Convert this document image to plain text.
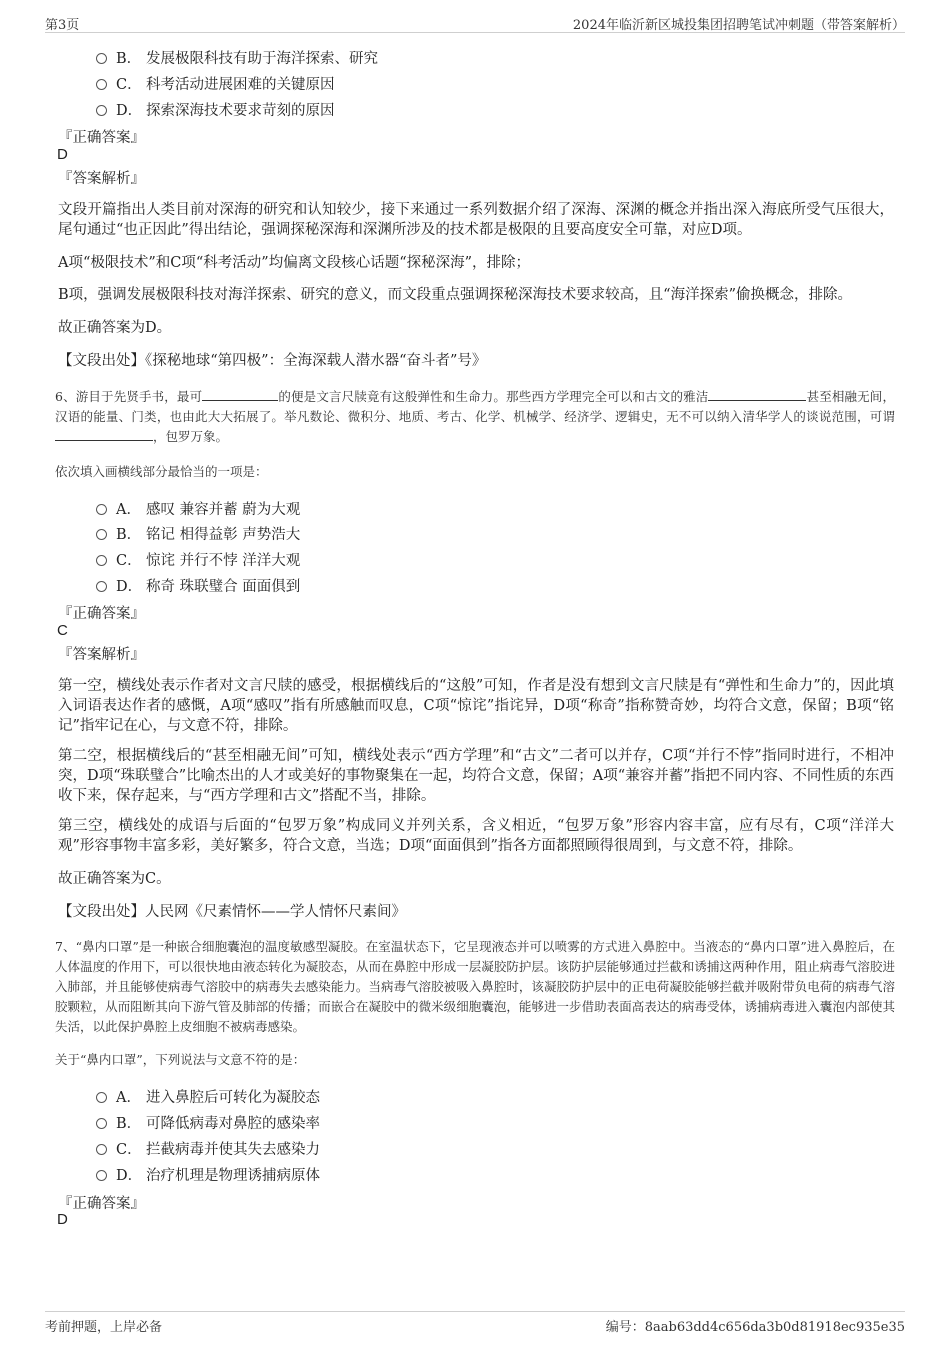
第3页	2024年临沂新区城投集团招聘笔试冲刺题（带答案解析）
B． 发展极限科技有助于海洋探索、研究
C． 科考活动进展困难的关键原因
D． 探索深海技术要求苛刻的原因
『正确答案』
D
『答案解析』
文段开篇指出人类目前对深海的研究和认知较少，接下来通过一系列数据介绍了深海、深渊的概念并指出深入海底所受气压很大，尾句通过“也正因此”得出结论，强调探秘深海和深渊所涉及的技术都是极限的且要高度安全可靠，对应D项。
A项“极限技术”和C项“科考活动”均偏离文段核心话题“探秘深海”，排除；
B项，强调发展极限科技对海洋探索、研究的意义，而文段重点强调探秘深海技术要求较高，且“海洋探索”偷换概念，排除。
故正确答案为D。
【文段出处】《探秘地球“第四极”：全海深载人潜水器“奋斗者”号》
6、游目于先贤手书，最可	的便是文言尺牍竟有这般弹性和生命力。那些西方学理完全可以和古文的雅洁	甚至相融无间，汉语的能量、门类，也由此大大拓展了。举凡数论、微积分、地质、考古、化学、机械学、经济学、逻辑史，无不可以纳入清华学人的谈说范围，可谓，包罗万象。
依次填入画横线部分最恰当的一项是：
A． 感叹 兼容并蓄 蔚为大观
B． 铭记 相得益彰 声势浩大
C． 惊诧 并行不悖 洋洋大观
D． 称奇 珠联璧合 面面俱到
『正确答案』
C
『答案解析』
第一空，横线处表示作者对文言尺牍的感受，根据横线后的“这般”可知，作者是没有想到文言尺牍是有“弹性和生命力”的，因此填入词语表达作者的感慨，A项“感叹”指有所感触而叹息，C项“惊诧”指诧异，D项“称奇”指称赞奇妙，均符合文意，保留；B项“铭记”指牢记在心，与文意不符，排除。
第二空，根据横线后的“甚至相融无间”可知，横线处表示“西方学理”和“古文”二者可以并存，C项“并行不悖”指同时进行，不相冲突，D项“珠联璧合”比喻杰出的人才或美好的事物聚集在一起，均符合文意，保留；A项“兼容并蓄”指把不同内容、不同性质的东西收下来，保存起来，与“西方学理和古文”搭配不当，排除。
第三空，横线处的成语与后面的“包罗万象”构成同义并列关系，含义相近，“包罗万象”形容内容丰富，应有尽有，C项“洋洋大观”形容事物丰富多彩，美好繁多，符合文意，当选；D项“面面俱到”指各方面都照顾得很周到，与文意不符，排除。
故正确答案为C。
【文段出处】人民网《尺素情怀——学人情怀尺素间》
7、“鼻内口罩”是一种嵌合细胞囊泡的温度敏感型凝胶。在室温状态下，它呈现液态并可以喷雾的方式进入鼻腔中。当液态的“鼻内口罩”进入鼻腔后，在人体温度的作用下，可以很快地由液态转化为凝胶态，从而在鼻腔中形成一层凝胶防护层。该防护层能够通过拦截和诱捕这两种作用，阻止病毒气溶胶进入肺部，并且能够使病毒气溶胶中的病毒失去感染能力。当病毒气溶胶被吸入鼻腔时，该凝胶防护层中的正电荷凝胶能够拦截并吸附带负电荷的病毒气溶胶颗粒，从而阻断其向下游气管及肺部的传播；而嵌合在凝胶中的微米级细胞囊泡，能够进一步借助表面高表达的病毒受体，诱捕病毒进入囊泡内部使其失活，以此保护鼻腔上皮细胞不被病毒感染。
关于“鼻内口罩”，下列说法与文意不符的是：
A． 进入鼻腔后可转化为凝胶态
B． 可降低病毒对鼻腔的感染率
C． 拦截病毒并使其失去感染力
D． 治疗机理是物理诱捕病原体
『正确答案』
D
考前押题，上岸必备	编号：8aab63dd4c656da3b0d81918ec935e35
